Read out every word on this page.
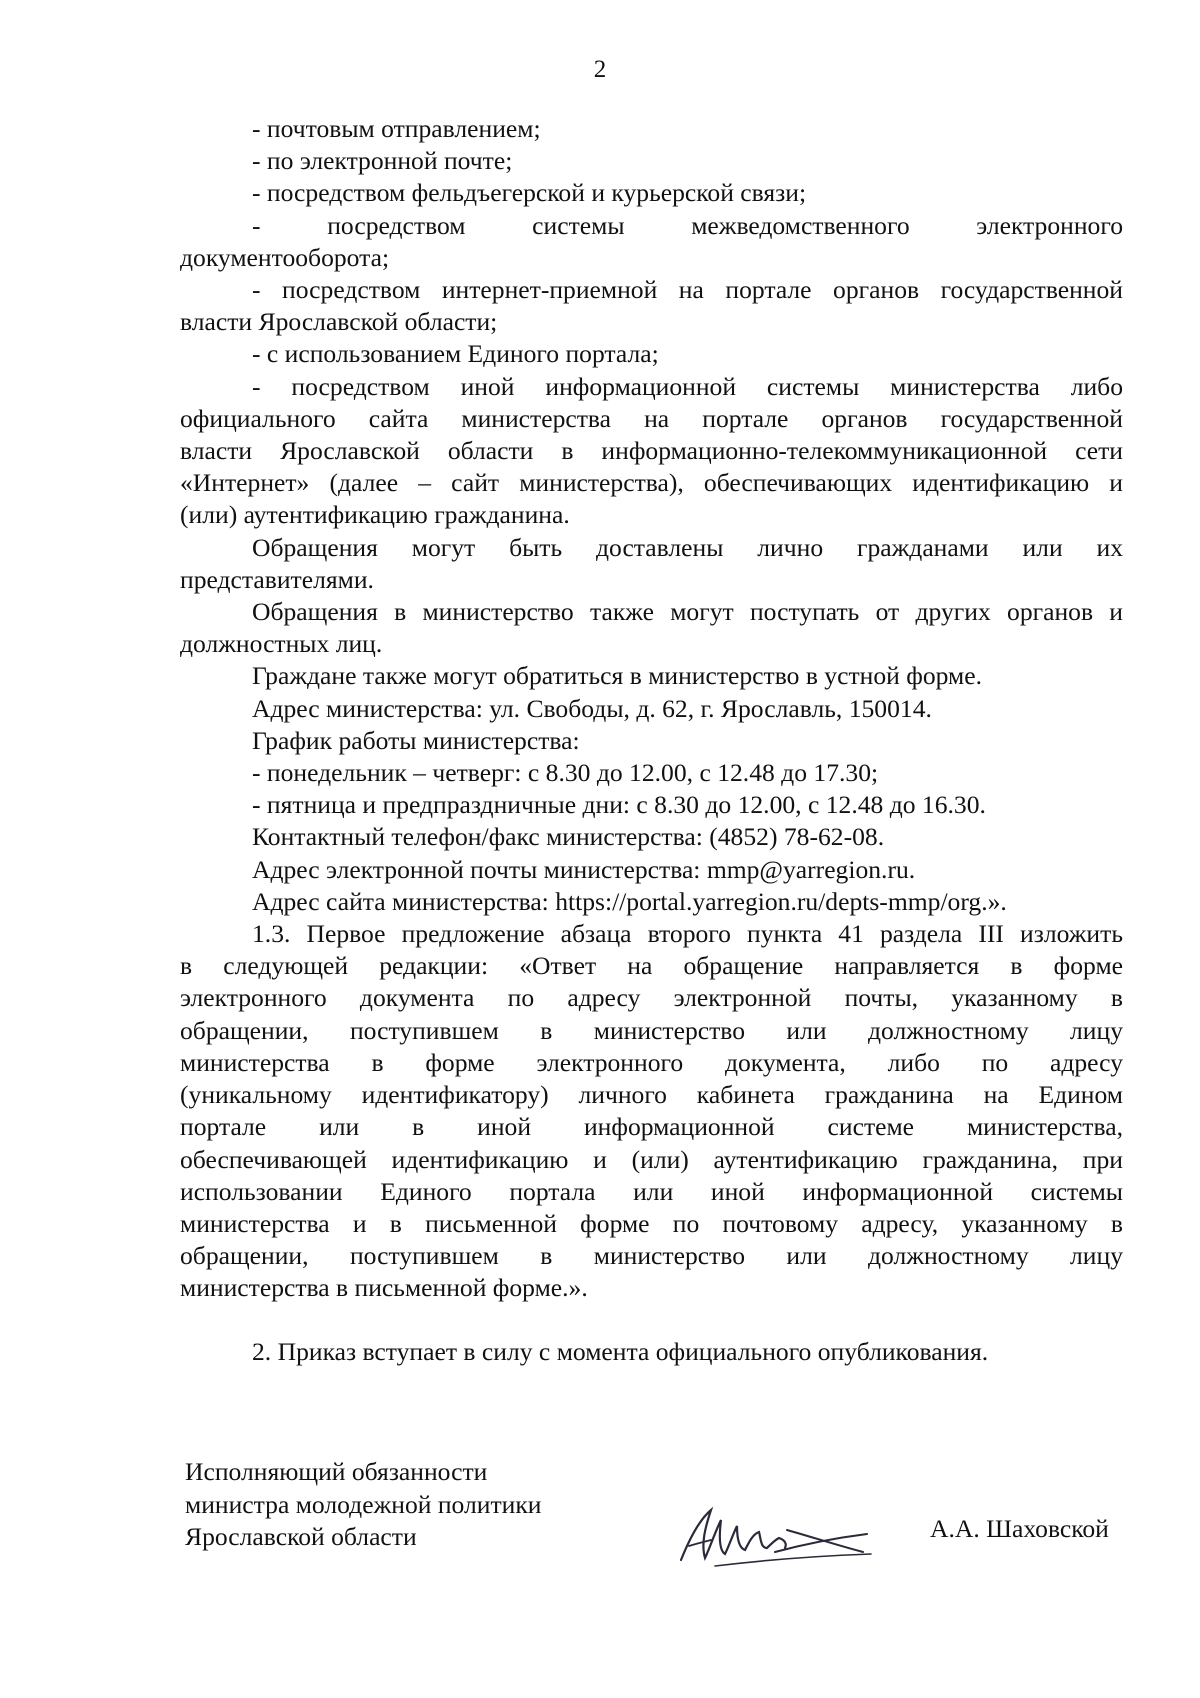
2
- почтовым отправлением;
- по электронной почте;
- посредством фельдъегерской и курьерской связи;
- посредством системы межведомственного электронного
документооборота;
- посредством интернет-приемной на портале органов государственной
власти Ярославской области;
- с использованием Единого портала;
- посредством иной информационной системы министерства либо
официального сайта министерства на портале органов государственной
власти Ярославской области в информационно-телекоммуникационной сети
«Интернет» (далее – сайт министерства), обеспечивающих идентификацию и
(или) аутентификацию гражданина.
Обращения могут быть доставлены лично гражданами или их
представителями.
Обращения в министерство также могут поступать от других органов и
должностных лиц.
Граждане также могут обратиться в министерство в устной форме.
Адрес министерства: ул. Свободы, д. 62, г. Ярославль, 150014.
График работы министерства:
- понедельник – четверг: с 8.30 до 12.00, с 12.48 до 17.30;
- пятница и предпраздничные дни: с 8.30 до 12.00, с 12.48 до 16.30.
Контактный телефон/факс министерства: (4852) 78-62-08.
Адрес электронной почты министерства: mmp@yarregion.ru.
Адрес сайта министерства: https://portal.yarregion.ru/depts-mmp/org.».
1.3. Первое предложение абзаца второго пункта 41 раздела III изложить
в следующей редакции: «Ответ на обращение направляется в форме
электронного документа по адресу электронной почты, указанному в
обращении, поступившем в министерство или должностному лицу
министерства в форме электронного документа, либо по адресу
(уникальному идентификатору) личного кабинета гражданина на Едином
портале или в иной информационной системе министерства,
обеспечивающей идентификацию и (или) аутентификацию гражданина, при
использовании Единого портала или иной информационной системы
министерства и в письменной форме по почтовому адресу, указанному в
обращении, поступившем в министерство или должностному лицу
министерства в письменной форме.».
2. Приказ вступает в силу с момента официального опубликования.
Исполняющий обязанности
министра молодежной политики
Ярославской области	А.А. Шаховской
